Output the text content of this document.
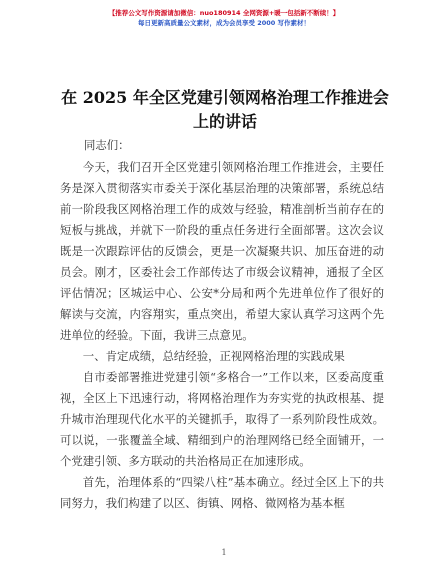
【推荐公文写作资源请加微信：nuo180914 全网资源+暖一包括新不断续！】
每日更新高质量公文素材，成为会员享受 2000 写作素材！
在 2025 年全区党建引领网格治理工作推进会上的讲话
同志们：

今天，我们召开全区党建引领网格治理工作推进会，主要任务是深入贯彻落实市委关于深化基层治理的决策部署，系统总结前一阶段我区网格治理工作的成效与经验，精准剖析当前存在的短板与挑战，并就下一阶段的重点任务进行全面部署。这次会议既是一次跟踪评估的反馈会，更是一次凝聚共识、加压奋进的动员会。刚才，区委社会工作部传达了市级会议精神，通报了全区评估情况；区城运中心、公安*分局和两个先进单位作了很好的解读与交流，内容翔实，重点突出，希望大家认真学习这两个先进单位的经验。下面，我讲三点意见。

一、肯定成绩，总结经验，正视网格治理的实践成果

自市委部署推进党建引领“多格合一”工作以来，区委高度重视，全区上下迅速行动，将网格治理作为夯实党的执政根基、提升城市治理现代化水平的关键抓手，取得了一系列阶段性成效。可以说，一张覆盖全域、精细到户的治理网络已经全面铺开，一个党建引领、多方联动的共治格局正在加速形成。

首先，治理体系的“四梁八柱”基本确立。经过全区上下的共同努力，我们构建了以区、街镇、网格、微网格为基本框

1
